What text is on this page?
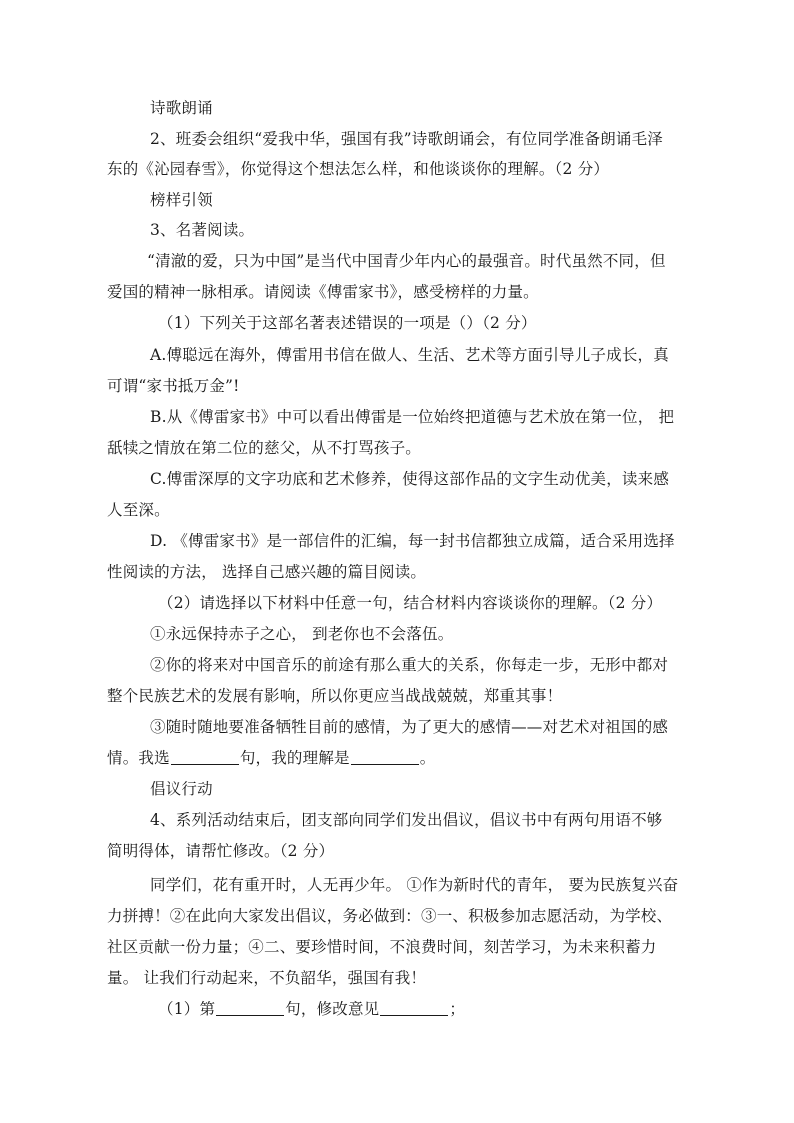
诗歌朗诵
2、班委会组织“爱我中华，强国有我”诗歌朗诵会，有位同学准备朗诵毛泽
东的《沁园春雪》，你觉得这个想法怎么样，和他谈谈你的理解。（2 分）
榜样引领
3、名著阅读。
“清澈的爱，只为中国”是当代中国青少年内心的最强音。时代虽然不同，但
爱国的精神一脉相承。请阅读《傅雷家书》，感受榜样的力量。
（1）下列关于这部名著表述错误的一项是（）（2 分）
A.傅聪远在海外，傅雷用书信在做人、生活、艺术等方面引导儿子成长，真
可谓“家书抵万金”!
B.从《傅雷家书》中可以看出傅雷是一位始终把道德与艺术放在第一位， 把
舐犊之情放在第二位的慈父，从不打骂孩子。
C.傅雷深厚的文字功底和艺术修养，使得这部作品的文字生动优美，读来感
人至深。
D. 《傅雷家书》是一部信件的汇编，每一封书信都独立成篇，适合采用选择
性阅读的方法， 选择自己感兴趣的篇目阅读。
（2）请选择以下材料中任意一句，结合材料内容谈谈你的理解。（2 分）
①永远保持赤子之心， 到老你也不会落伍。
②你的将来对中国音乐的前途有那么重大的关系，你每走一步，无形中都对
整个民族艺术的发展有影响，所以你更应当战战兢兢，郑重其事！
③随时随地要准备牺牲目前的感情，为了更大的感情——对艺术对祖国的感
情。我选	句，我的理解是	。
倡议行动
4、系列活动结束后，团支部向同学们发出倡议，倡议书中有两句用语不够
简明得体，请帮忙修改。（2 分）
同学们，花有重开时，人无再少年。 ①作为新时代的青年， 要为民族复兴奋
力拼搏！②在此向大家发出倡议，务必做到：③一、积极参加志愿活动，为学校、
社区贡献一份力量；④二、要珍惜时间，不浪费时间，刻苦学习，为未来积蓄力
量。 让我们行动起来，不负韶华，强国有我！
（1）第	句，修改意见	；
